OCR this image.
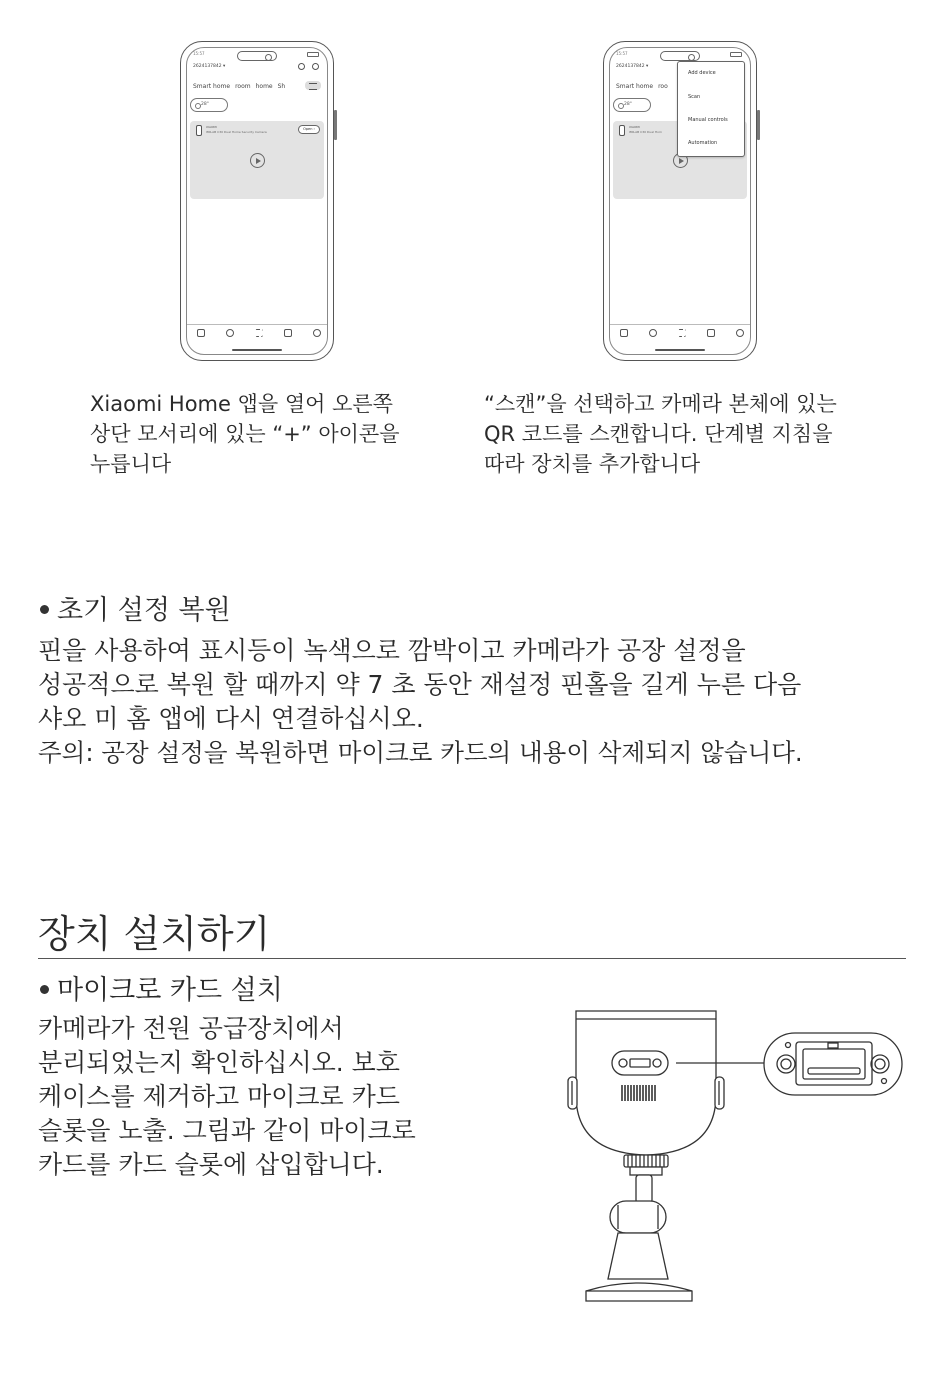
15:57
2624137842 ▾
Smart home room home Sh
28°
XIAOMI
IMILAB C30 Dual Home Security Camera
Open ›
15:57
2624137842 ▾
Smart home roo
28°
XIAOMI
IMILAB C30 Dual Hom
Add device
Scan
Manual controls
Automation
Xiaomi Home 앱을 열어 오른쪽
상단 모서리에 있는 “+” 아이콘을
누릅니다
“스캔”을 선택하고 카메라 본체에 있는
QR 코드를 스캔합니다. 단계별 지침을
따라 장치를 추가합니다
초기 설정 복원
핀을 사용하여 표시등이 녹색으로 깜박이고 카메라가 공장 설정을
성공적으로 복원 할 때까지 약 7 초 동안 재설정 핀홀을 길게 누른 다음
샤오 미 홈 앱에 다시 연결하십시오.
주의: 공장 설정을 복원하면 마이크로 카드의 내용이 삭제되지 않습니다.
장치 설치하기
마이크로 카드 설치
카메라가 전원 공급장치에서
분리되었는지 확인하십시오. 보호
케이스를 제거하고 마이크로 카드
슬롯을 노출. 그림과 같이 마이크로
카드를 카드 슬롯에 삽입합니다.
